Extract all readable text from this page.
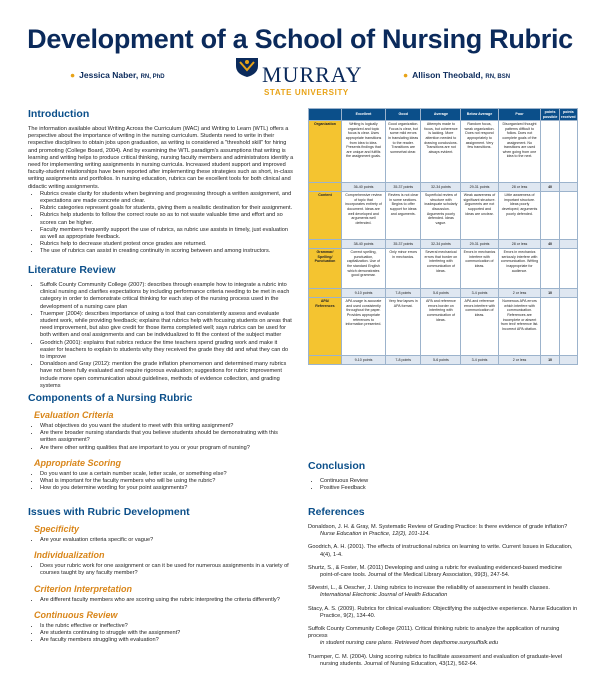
Development of a School of Nursing Rubric
● Jessica Naber, RN, PhD	● Allison Theobald, RN, BSN
MURRAY
STATE UNIVERSITY
Introduction

The information available about Writing Across the Curriculum (WAC) and Writing to Learn (WTL) offers a perspective about the importance of writing in the nursing curriculum. Students need to write in their respective disciplines to obtain jobs upon graduation, as writing is considered a "threshold skill" for hiring and promoting (College Board, 2004). And by examining the WTL paradigm's assumptions that writing is learning and writing helps to produce critical thinking, nursing faculty members and administrators identify a need for implementing writing assignments in nursing curricula. Increased student support and improved faculty-student relationships have been reported after implementing these strategies such as short, in-class writing assignments and portfolios. In nursing education, rubrics can be excellent tools for both clinical and didactic writing assignments.

• Rubrics create clarity for students when beginning and progressing through a written assignment, and expectations are made concrete and clear.
• Rubric categories represent goals for students, giving them a realistic destination for their assignment.
• Rubrics help students to follow the correct route so as to not waste valuable time and effort and so scores can be higher.
• Faculty members frequently support the use of rubrics, as rubric use assists in timely, just evaluation as well as appropriate feedback.
• Rubrics help to decrease student protest once grades are returned.
• The use of rubrics can assist in creating continuity in scoring between and among instructors.
Literature Review
• Suffolk County Community College (2007): describes through example how to integrate a rubric into clinical nursing and clarifies expectations by including performance criteria needing to be met in each category in order to demonstrate critical thinking for each step of the nursing process used in the development of a nursing care plan
• Truemper (2004): describes importance of using a tool that can consistently assess and evaluate student work, while providing feedback; explains that rubrics help with focusing students on areas that need improvement, but also give credit for those items completed well; says rubrics can be used for both written and oral assignments and can be individualized to fit the context of the subject matter
• Goodrich (2001): explains that rubrics reduce the time teachers spend grading work and make it easier for teachers to explain to students why they received the grade they did and what they can do to improve
• Donaldson and Gray (2012): mention the grade inflation phenomenon and determined many rubrics have not been fully evaluated and require rigorous evaluation; suggestions for rubric improvement include more open communication about guidelines, methods of evidence collection, and grading systems
Components of a Nursing Rubric
Evaluation Criteria
• What objectives do you want the student to meet with this writing assignment?
• Are there broader nursing standards that you believe students should be demonstrating with this written assignment?
• Are there other writing qualities that are important to you or your program of nursing?
Appropriate Scoring
• Do you want to use a certain number scale, letter scale, or something else?
• What is important for the faculty members who will be using the rubric?
• How do you determine wording for your point assignments?
Issues with Rubric Development
Specificity
• Are your evaluation criteria specific or vague?
Individualization
• Does your rubric work for one assignment or can it be used for numerous assignments in a variety of courses taught by any faculty member?
Criterion Interpretation
• Are different faculty members who are scoring using the rubric interpreting the criteria differently?
Continuous Review
• Is the rubric effective or ineffective?
• Are students continuing to struggle with the assignment?
• Are faculty members struggling with evaluation?
	Excellent	Good	Average	Below Average	Poor	points possible	points received
Organization	Writing is logically organized and topic focus is clear. Uses appropriate transitions from idea to idea. Presents findings that are unique and fulfills the assignment goals.	Good organization. Focus is clear, but some mild errors in translating ideas to the reader. Transitions are somewhat clear.	Attempts made to focus, but coherence is lacking. More attention needed to drawing conclusions. Transitions are not always evident.	Random focus, weak organization. Does not respond appropriately to assignment. Very few transitions.	Disorganized thought patterns difficult to follow. Does not complete goals of the assignment. No transitions are used when going from one idea to the next.		
	36-40 points	35-37 points	32-34 points	29-31 points	28 or less	40	
Content	Comprehensive review of topic that incorporates entirety of document. Ideas are well developed and arguments well defended.	Review is not clear in some sections. Begins to offer support for ideas and arguments.	Superficial review of structure with inadequate scholarly discussion. Arguments poorly defended. Ideas vague.	Weak awareness of significant structure. Arguments are not supported and ideas are unclear.	Little awareness of important structure. Ideas poorly developed; arguments poorly defended.		
	38-40 points	35-37 points	32-34 points	29-31 points	28 or less	40	
Grammar/ Spelling/ Punctuation	Correct spelling, punctuation, capitalization. Use of the standard English which demonstrates good grammar.	Only minor errors in mechanics.	Several mechanical errors that border on interfering with communication of ideas.	Errors in mechanics interfere with communication of ideas.	Errors in mechanics seriously interfere with communication. Writing inappropriate for audience.		
	9-10 points	7-8 points	5-6 points	3-4 points	2 or less	10	
APA/ References	APA usage is accurate and used consistently throughout the paper. Provides appropriate references to information presented.	Very few lapses in APA format.	APA and reference errors border on interfering with communication of ideas.	APA and reference errors interfere with communication of ideas.	Numerous APA errors which interfere with communication. References are incomplete or absent from text/ reference list. Incorrect APA citation.		
	9-10 points	7-8 points	5-6 points	3-4 points	2 or less	10	
Conclusion
• Continuous Review
• Positive Feedback
References

Donaldson, J. H. & Gray, M. Systematic Review of Grading Practice: Is there evidence of grade inflation?
Nurse Education in Practice, 12(2), 101-114.

Goodrich, A. H. (2001). The effects of instructional rubrics on learning to write. Current Issues in Education,
4(4), 1-4.

Shurtz, S., & Foster, M. (2011) Developing and using a rubric for evaluating evidenced-based medicine
point-of-care tools. Journal of the Medical Library Association, 99(3), 247-54.

Silvestri, L., & Oescher, J. Using rubrics to increase the reliability of assessment in health classes.
International Electronic Journal of Health Education

Stacy, A. S. (2009). Rubrics for clinical evaluation: Objectifying the subjective experience. Nurse Education in
Practice, 9(2), 134-40.

Suffolk County Community College (2011). Critical thinking rubric to analyze the application of nursing process
in student nursing care plans. Retrieved from depthome.sunysuffolk.edu

Truemper, C. M. (2004). Using scoring rubrics to facilitate assessment and evaluation of graduate-level
nursing students. Journal of Nursing Education, 43(12), 562-64.
